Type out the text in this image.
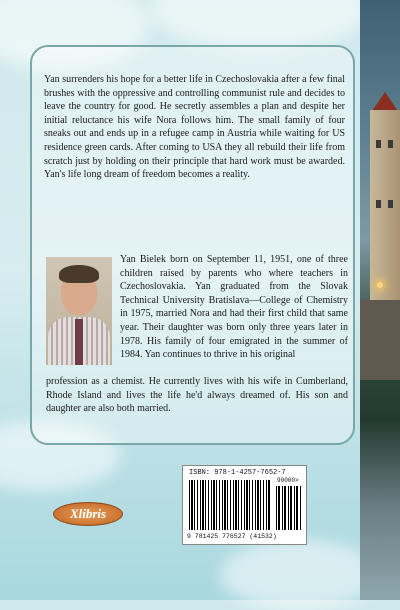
Yan surrenders his hope for a better life in Czechoslovakia after a few final brushes with the oppressive and controlling communist rule and decides to leave the country for good. He secretly assembles a plan and despite her initial reluctance his wife Nora follows him. The small family of four sneaks out and ends up in a refugee camp in Austria while waiting for US residence green cards. After coming to USA they all rebuild their life from scratch just by holding on their principle that hard work must be awarded. Yan's life long dream of freedom becomes a reality.

Yan Bielek born on September 11, 1951, one of three children raised by parents who where teachers in Czechoslovakia. Yan graduated from the Slovak Technical University Bratislava—College of Chemistry in 1975, married Nora and had their first child that same year. Their daughter was born only three years later in 1978. His family of four emigrated in the summer of 1984. Yan continues to thrive in his original

profession as a chemist. He currently lives with his wife in Cumberland, Rhode Island and lives the life he'd always dreamed of. His son and daughter are also both married.

Xlibris
ISBN: 978-1-4257-7652-7
90000>
9 781425 776527 (41532)
